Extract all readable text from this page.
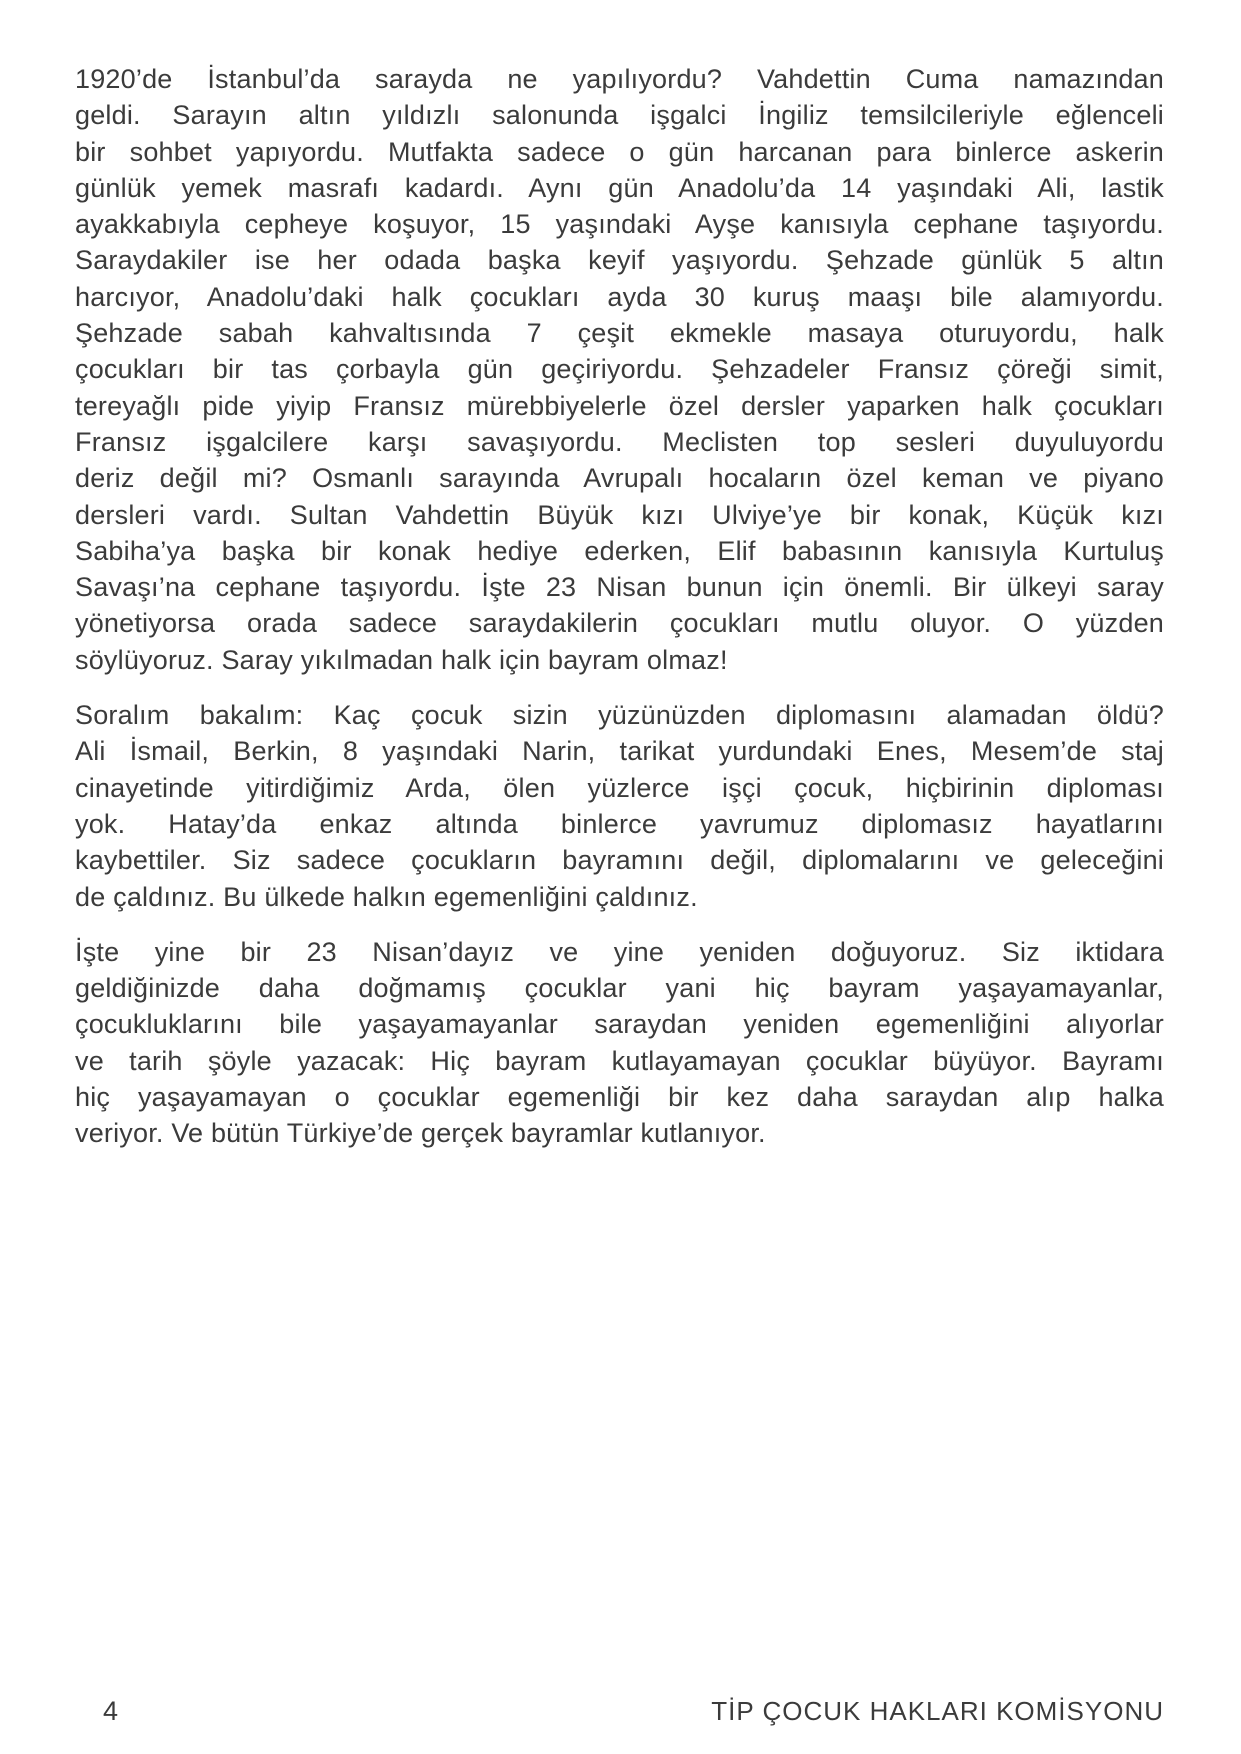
1920’de İstanbul’da sarayda ne yapılıyordu? Vahdettin Cuma namazından
geldi. Sarayın altın yıldızlı salonunda işgalci İngiliz temsilcileriyle eğlenceli
bir sohbet yapıyordu. Mutfakta sadece o gün harcanan para binlerce askerin
günlük yemek masrafı kadardı. Aynı gün Anadolu’da 14 yaşındaki Ali, lastik
ayakkabıyla cepheye koşuyor, 15 yaşındaki Ayşe kanısıyla cephane taşıyordu.
Saraydakiler ise her odada başka keyif yaşıyordu. Şehzade günlük 5 altın
harcıyor, Anadolu’daki halk çocukları ayda 30 kuruş maaşı bile alamıyordu.
Şehzade sabah kahvaltısında 7 çeşit ekmekle masaya oturuyordu, halk
çocukları bir tas çorbayla gün geçiriyordu. Şehzadeler Fransız çöreği simit,
tereyağlı pide yiyip Fransız mürebbiyelerle özel dersler yaparken halk çocukları
Fransız işgalcilere karşı savaşıyordu. Meclisten top sesleri duyuluyordu
deriz değil mi? Osmanlı sarayında Avrupalı hocaların özel keman ve piyano
dersleri vardı. Sultan Vahdettin Büyük kızı Ulviye’ye bir konak, Küçük kızı
Sabiha’ya başka bir konak hediye ederken, Elif babasının kanısıyla Kurtuluş
Savaşı’na cephane taşıyordu. İşte 23 Nisan bunun için önemli. Bir ülkeyi saray
yönetiyorsa orada sadece saraydakilerin çocukları mutlu oluyor. O yüzden
söylüyoruz. Saray yıkılmadan halk için bayram olmaz!
Soralım bakalım: Kaç çocuk sizin yüzünüzden diplomasını alamadan öldü?
Ali İsmail, Berkin, 8 yaşındaki Narin, tarikat yurdundaki Enes, Mesem’de staj
cinayetinde yitirdiğimiz Arda, ölen yüzlerce işçi çocuk, hiçbirinin diploması
yok. Hatay’da enkaz altında binlerce yavrumuz diplomasız hayatlarını
kaybettiler. Siz sadece çocukların bayramını değil, diplomalarını ve geleceğini
de çaldınız. Bu ülkede halkın egemenliğini çaldınız.
İşte yine bir 23 Nisan’dayız ve yine yeniden doğuyoruz. Siz iktidara
geldiğinizde daha doğmamış çocuklar yani hiç bayram yaşayamayanlar,
çocukluklarını bile yaşayamayanlar saraydan yeniden egemenliğini alıyorlar
ve tarih şöyle yazacak: Hiç bayram kutlayamayan çocuklar büyüyor. Bayramı
hiç yaşayamayan o çocuklar egemenliği bir kez daha saraydan alıp halka
veriyor. Ve bütün Türkiye’de gerçek bayramlar kutlanıyor.
4	TİP ÇOCUK HAKLARI KOMİSYONU
